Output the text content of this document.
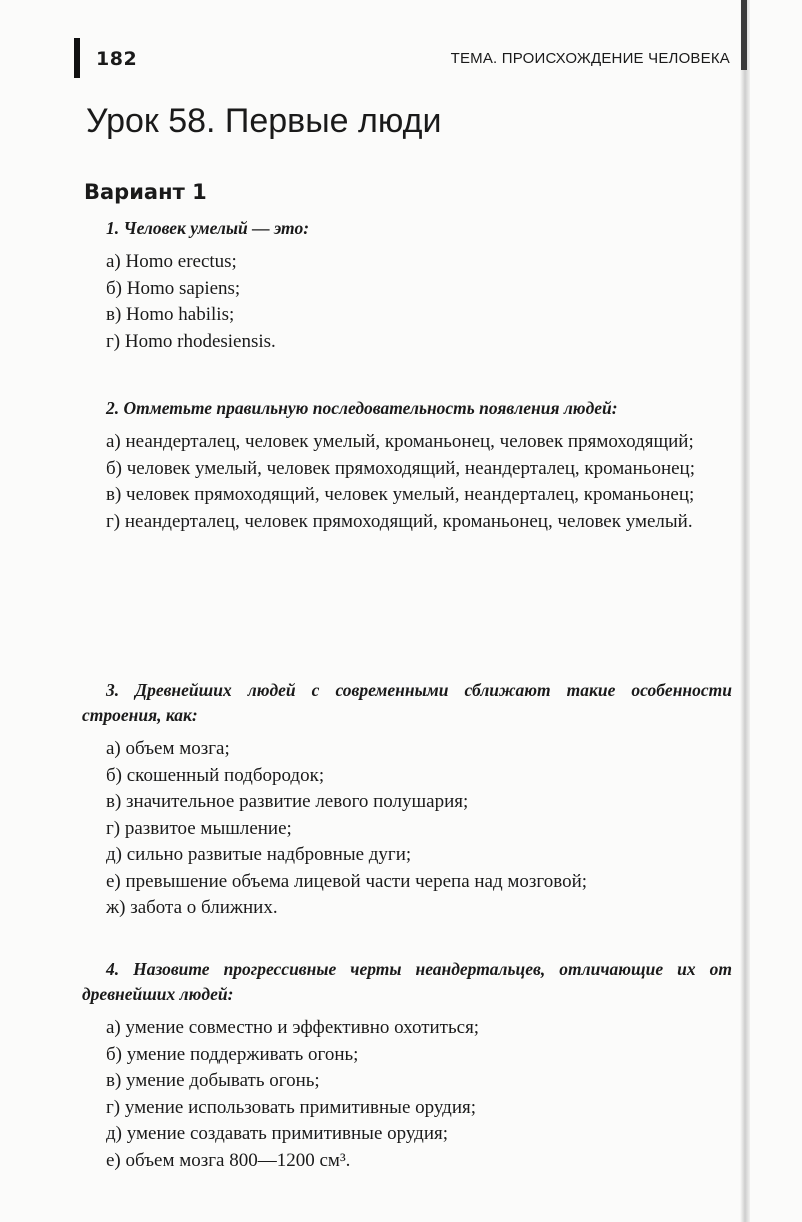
182	ТЕМА. ПРОИСХОЖДЕНИЕ ЧЕЛОВЕКА
Урок 58. Первые люди
Вариант 1

1. Человек умелый — это:

а) Homo erectus;

б) Homo sapiens;

в) Homo habilis;

г) Homo rhodesiensis.

2. Отметьте правильную последовательность появления людей:

а) неандерталец, человек умелый, кроманьонец, человек прямоходящий;

б) человек умелый, человек прямоходящий, неандерталец, кроманьонец;

в) человек прямоходящий, человек умелый, неандерталец, кроманьонец;

г) неандерталец, человек прямоходящий, кроманьонец, человек умелый.

3. Древнейших людей с современными сближают такие особенности строения, как:

а) объем мозга;

б) скошенный подбородок;

в) значительное развитие левого полушария;

г) развитое мышление;

д) сильно развитые надбровные дуги;

е) превышение объема лицевой части черепа над мозговой;

ж) забота о ближних.

4. Назовите прогрессивные черты неандертальцев, отличающие их от древнейших людей:

а) умение совместно и эффективно охотиться;

б) умение поддерживать огонь;

в) умение добывать огонь;

г) умение использовать примитивные орудия;

д) умение создавать примитивные орудия;

е) объем мозга 800—1200 см³.
